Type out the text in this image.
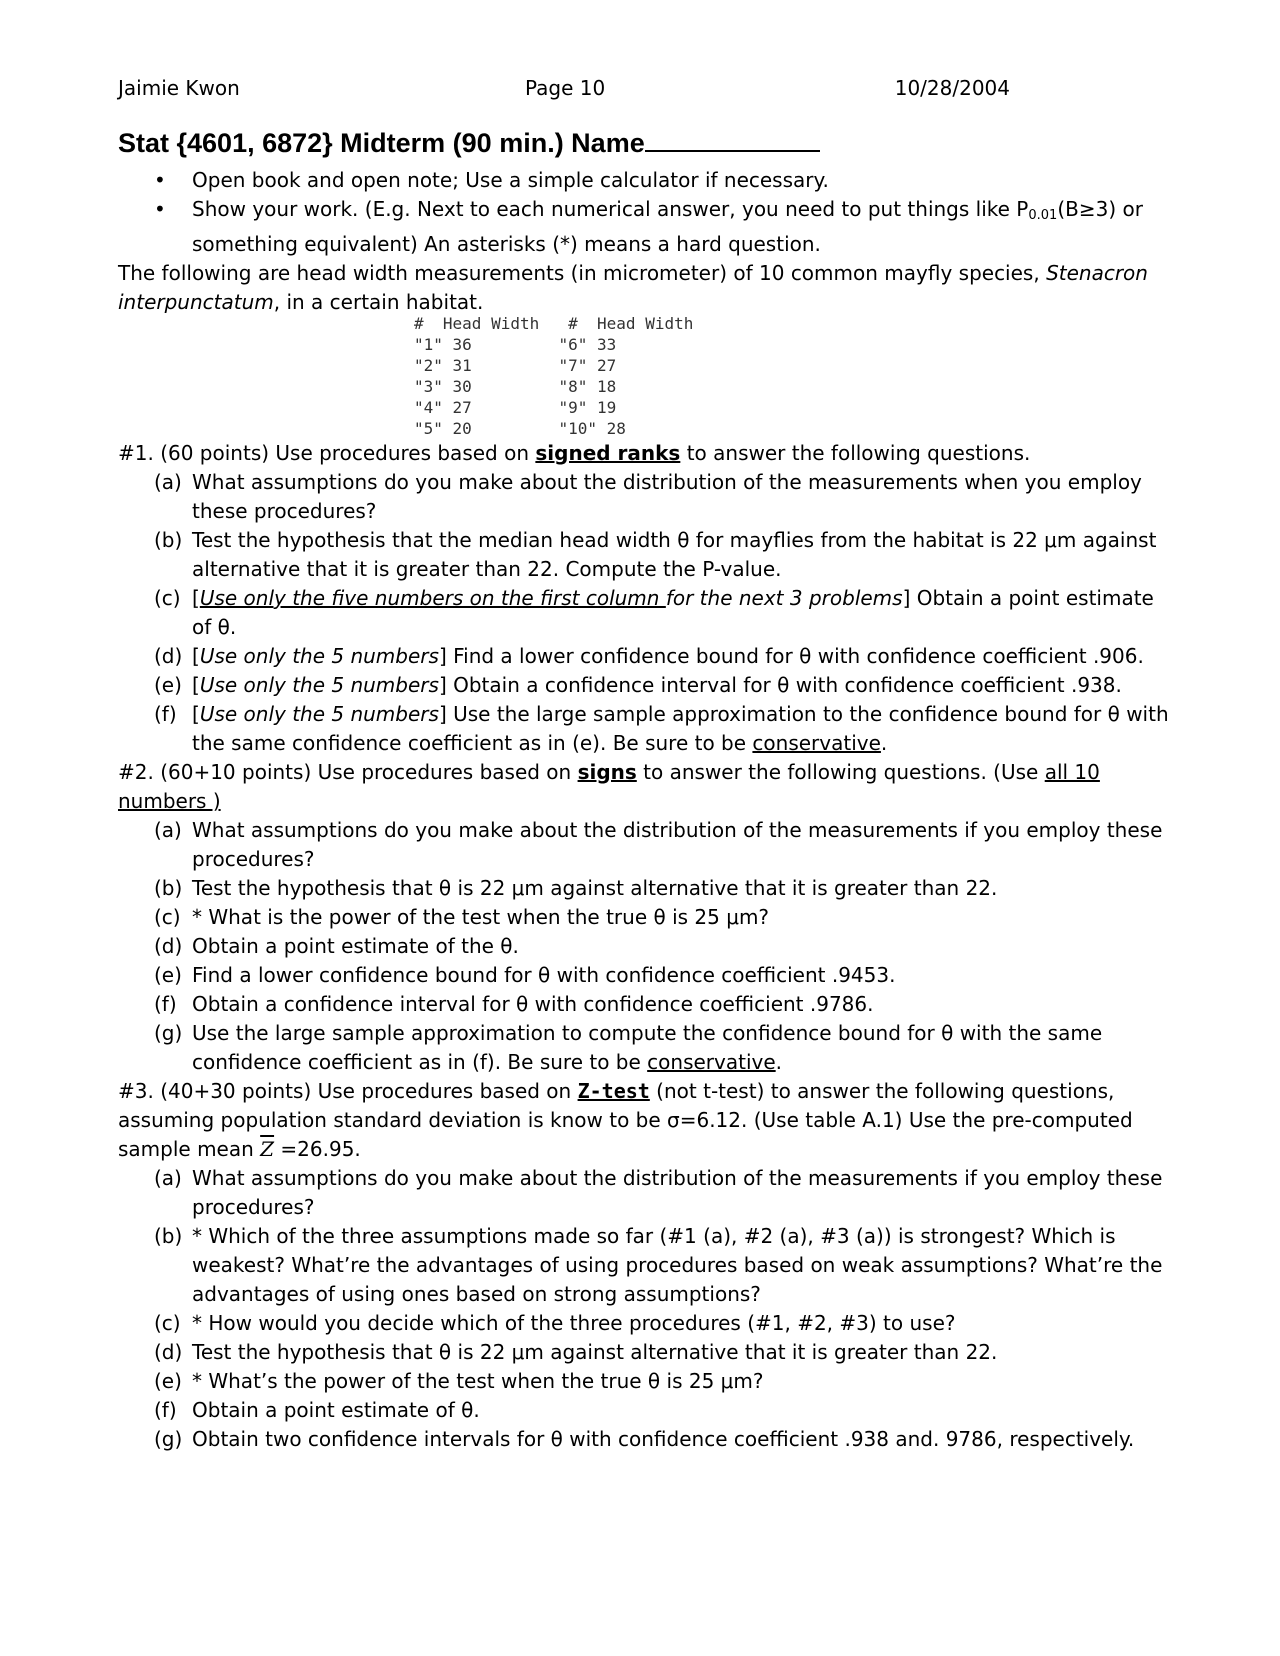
Jaimie Kwon	Page 10	10/28/2004
Stat {4601, 6872} Midterm (90 min.) Name
• Open book and open note; Use a simple calculator if necessary.
• Show your work. (E.g. Next to each numerical answer, you need to put things like $P_{0.01}(B\ge 3)$ or something equivalent) An asterisks (*) means a hard question.

The following are head width measurements (in micrometer) of 10 common mayfly species, Stenacron interpunctatum, in a certain habitat.

#  Head Width   #  Head Width
"1" 36         "6" 33
"2" 31         "7" 27
"3" 30         "8" 18
"4" 27         "9" 19
"5" 20         "10" 28

#1. (60 points) Use procedures based on signed ranks to answer the following questions.

(a) What assumptions do you make about the distribution of the measurements when you employ these procedures?
(b) Test the hypothesis that the median head width θ for mayflies from the habitat is 22 μm against alternative that it is greater than 22. Compute the P-value.
(c) [Use only the five numbers on the first column for the next 3 problems] Obtain a point estimate of θ.
(d) [Use only the 5 numbers] Find a lower confidence bound for θ with confidence coefficient .906.
(e) [Use only the 5 numbers] Obtain a confidence interval for θ with confidence coefficient .938.
(f) [Use only the 5 numbers] Use the large sample approximation to the confidence bound for θ with the same confidence coefficient as in (e). Be sure to be conservative.

#2. (60+10 points) Use procedures based on signs to answer the following questions. (Use all 10 numbers )

(a) What assumptions do you make about the distribution of the measurements if you employ these procedures?
(b) Test the hypothesis that θ is 22 μm against alternative that it is greater than 22.
(c) * What is the power of the test when the true θ is 25 μm?
(d) Obtain a point estimate of the θ.
(e) Find a lower confidence bound for θ with confidence coefficient .9453.
(f) Obtain a confidence interval for θ with confidence coefficient .9786.
(g) Use the large sample approximation to compute the confidence bound for θ with the same confidence coefficient as in (f). Be sure to be conservative.

#3. (40+30 points) Use procedures based on Z-test (not t-test) to answer the following questions, assuming population standard deviation is know to be σ=6.12. (Use table A.1) Use the pre-computed sample mean $\overline{Z} =26.95$.

(a) What assumptions do you make about the distribution of the measurements if you employ these procedures?
(b) * Which of the three assumptions made so far (#1 (a), #2 (a), #3 (a)) is strongest? Which is weakest? What’re the advantages of using procedures based on weak assumptions? What’re the advantages of using ones based on strong assumptions?
(c) * How would you decide which of the three procedures (#1, #2, #3) to use?
(d) Test the hypothesis that θ is 22 μm against alternative that it is greater than 22.
(e) * What’s the power of the test when the true θ is 25 μm?
(f) Obtain a point estimate of θ.
(g) Obtain two confidence intervals for θ with confidence coefficient .938 and. 9786, respectively.
